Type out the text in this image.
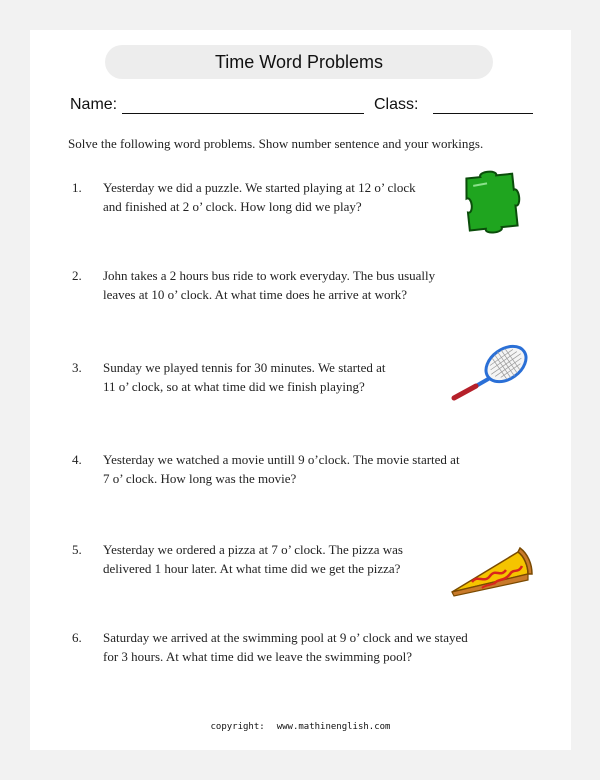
Time Word Problems
Name:	Class:
Solve the following word problems. Show number sentence and your workings.
1. Yesterday we did a puzzle. We started playing at 12 o’ clock
and finished at 2 o’ clock. How long did we play?
2. John takes a 2 hours bus ride to work everyday. The bus usually
leaves at 10 o’ clock. At what time does he arrive at work?
3. Sunday we played tennis for 30 minutes. We started at
11 o’ clock, so at what time did we finish playing?
4. Yesterday we watched a movie untill 9 o’clock. The movie started at
7 o’ clock. How long was the movie?
5. Yesterday we ordered a pizza at 7 o’ clock. The pizza was
delivered 1 hour later. At what time did we get the pizza?
6. Saturday we arrived at the swimming pool at 9 o’ clock and we stayed
for 3 hours. At what time did we leave the swimming pool?
copyright: www.mathinenglish.com
